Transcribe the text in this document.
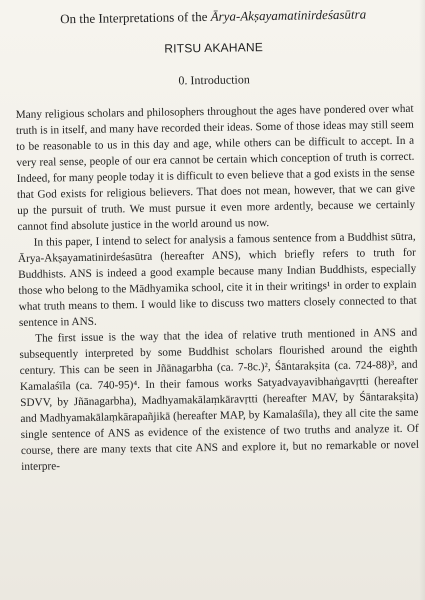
On the Interpretations of the Ārya-Akṣayamatinirdeśasūtra
RITSU AKAHANE
0. Introduction

Many religious scholars and philosophers throughout the ages have pondered over what truth is in itself, and many have recorded their ideas. Some of those ideas may still seem to be reasonable to us in this day and age, while others can be difficult to accept. In a very real sense, people of our era cannot be certain which conception of truth is correct. Indeed, for many people today it is difficult to even believe that a god exists in the sense that God exists for religious believers. That does not mean, however, that we can give up the pursuit of truth. We must pursue it even more ardently, because we certainly cannot find absolute justice in the world around us now.

In this paper, I intend to select for analysis a famous sentence from a Buddhist sūtra, Ārya-Akṣayamatinirdeśasūtra (hereafter ANS), which briefly refers to truth for Buddhists. ANS is indeed a good example because many Indian Buddhists, especially those who belong to the Mādhyamika school, cite it in their writings¹ in order to explain what truth means to them. I would like to discuss two matters closely connected to that sentence in ANS.

The first issue is the way that the idea of relative truth mentioned in ANS and subsequently interpreted by some Buddhist scholars flourished around the eighth century. This can be seen in Jñānagarbha (ca. 7-8c.)², Śāntarakṣita (ca. 724-88)³, and Kamalaśīla (ca. 740-95)⁴. In their famous works Satyadvayavibhaṅgavṛtti (hereafter SDVV, by Jñānagarbha), Madhyamakālaṃkāravṛtti (hereafter MAV, by Śāntarakṣita) and Madhyamakālaṃkārapañjikā (hereafter MAP, by Kamalaśīla), they all cite the same single sentence of ANS as evidence of the existence of two truths and analyze it. Of course, there are many texts that cite ANS and explore it, but no remarkable or novel interpre-
